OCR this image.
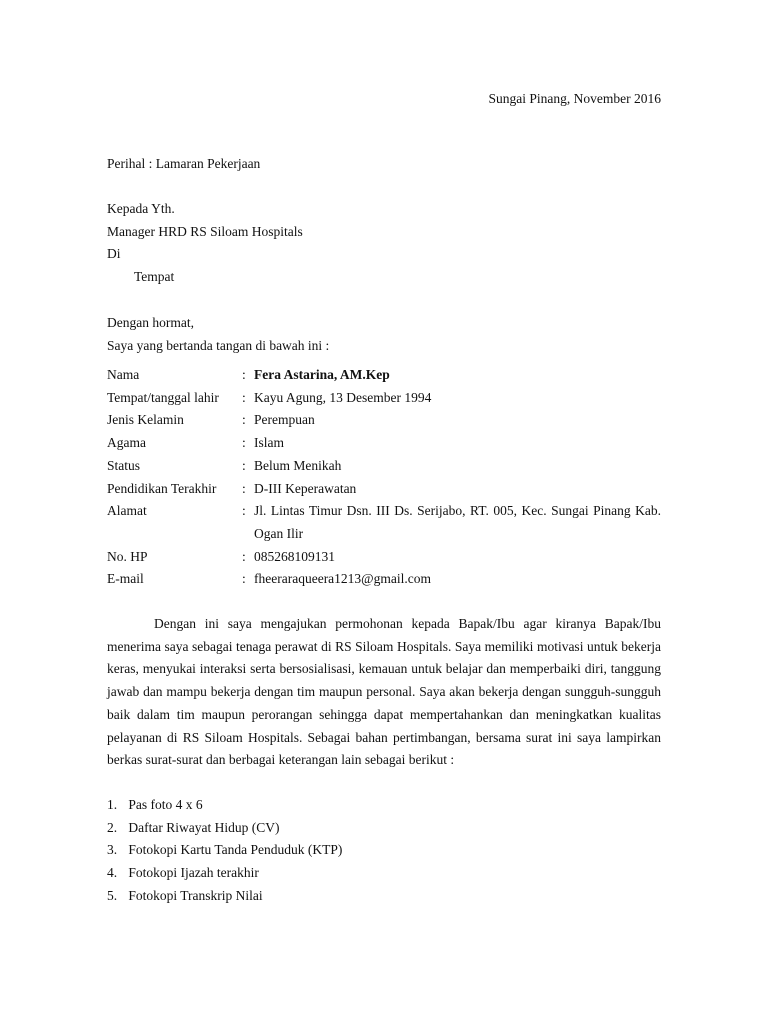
Sungai Pinang, November 2016
Perihal : Lamaran Pekerjaan
Kepada Yth.
Manager HRD RS Siloam Hospitals
Di
Tempat
Dengan hormat,
Saya yang bertanda tangan di bawah ini :
Nama	: Fera Astarina, AM.Kep
Tempat/tanggal lahir	: Kayu Agung, 13 Desember 1994
Jenis Kelamin	: Perempuan
Agama	: Islam
Status	: Belum Menikah
Pendidikan Terakhir	: D-III Keperawatan
Alamat	: Jl. Lintas Timur Dsn. III Ds. Serijabo, RT. 005, Kec. Sungai Pinang Kab. Ogan Ilir
No. HP	: 085268109131
E-mail	: fheeraraqueera1213@gmail.com

Dengan ini saya mengajukan permohonan kepada Bapak/Ibu agar kiranya Bapak/Ibu menerima saya sebagai tenaga perawat di RS Siloam Hospitals. Saya memiliki motivasi untuk bekerja keras, menyukai interaksi serta bersosialisasi, kemauan untuk belajar dan memperbaiki diri, tanggung jawab dan mampu bekerja dengan tim maupun personal. Saya akan bekerja dengan sungguh-sungguh baik dalam tim maupun perorangan sehingga dapat mempertahankan dan meningkatkan kualitas pelayanan di RS Siloam Hospitals. Sebagai bahan pertimbangan, bersama surat ini saya lampirkan berkas surat-surat dan berbagai keterangan lain sebagai berikut :

1. Pas foto 4 x 6
2. Daftar Riwayat Hidup (CV)
3. Fotokopi Kartu Tanda Penduduk (KTP)
4. Fotokopi Ijazah terakhir
5. Fotokopi Transkrip Nilai
